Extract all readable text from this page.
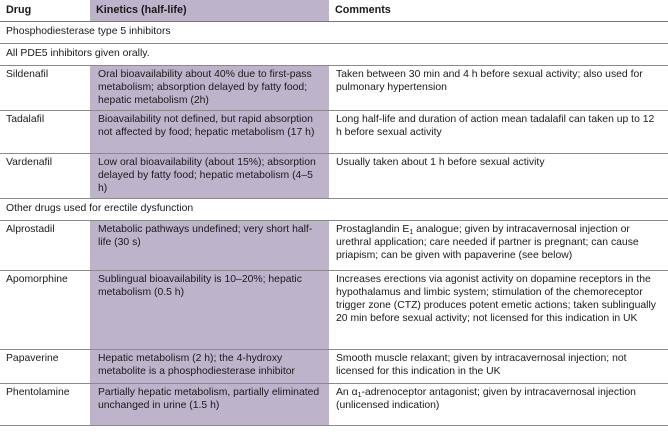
Drug	Kinetics (half-life)	Comments
Phosphodiesterase type 5 inhibitors		
All PDE5 inhibitors given orally.		
Sildenafil	Oral bioavailability about 40% due to first-pass metabolism; absorption delayed by fatty food; hepatic metabolism (2h)	Taken between 30 min and 4 h before sexual activity; also used for pulmonary hypertension
Tadalafil	Bioavailability not defined, but rapid absorption not affected by food; hepatic metabolism (17 h)	Long half-life and duration of action mean tadalafil can taken up to 12 h before sexual activity
Vardenafil	Low oral bioavailability (about 15%); absorption delayed by fatty food; hepatic metabolism (4–5 h)	Usually taken about 1 h before sexual activity
Other drugs used for erectile dysfunction		
Alprostadil	Metabolic pathways undefined; very short half-life (30 s)	Prostaglandin $E_1$ analogue; given by intracavernosal injection or urethral application; care needed if partner is pregnant; can cause priapism; can be given with papaverine (see below)
Apomorphine	Sublingual bioavailability is 10–20%; hepatic metabolism (0.5 h)	Increases erections via agonist activity on dopamine receptors in the hypothalamus and limbic system; stimulation of the chemoreceptor trigger zone (CTZ) produces potent emetic actions; taken sublingually 20 min before sexual activity; not licensed for this indication in UK
Papaverine	Hepatic metabolism (2 h); the 4-hydroxy metabolite is a phosphodiesterase inhibitor	Smooth muscle relaxant; given by intracavernosal injection; not licensed for this indication in the UK
Phentolamine	Partially hepatic metabolism, partially eliminated unchanged in urine (1.5 h)	An $\alpha_1$-adrenoceptor antagonist; given by intracavernosal injection (unlicensed indication)
